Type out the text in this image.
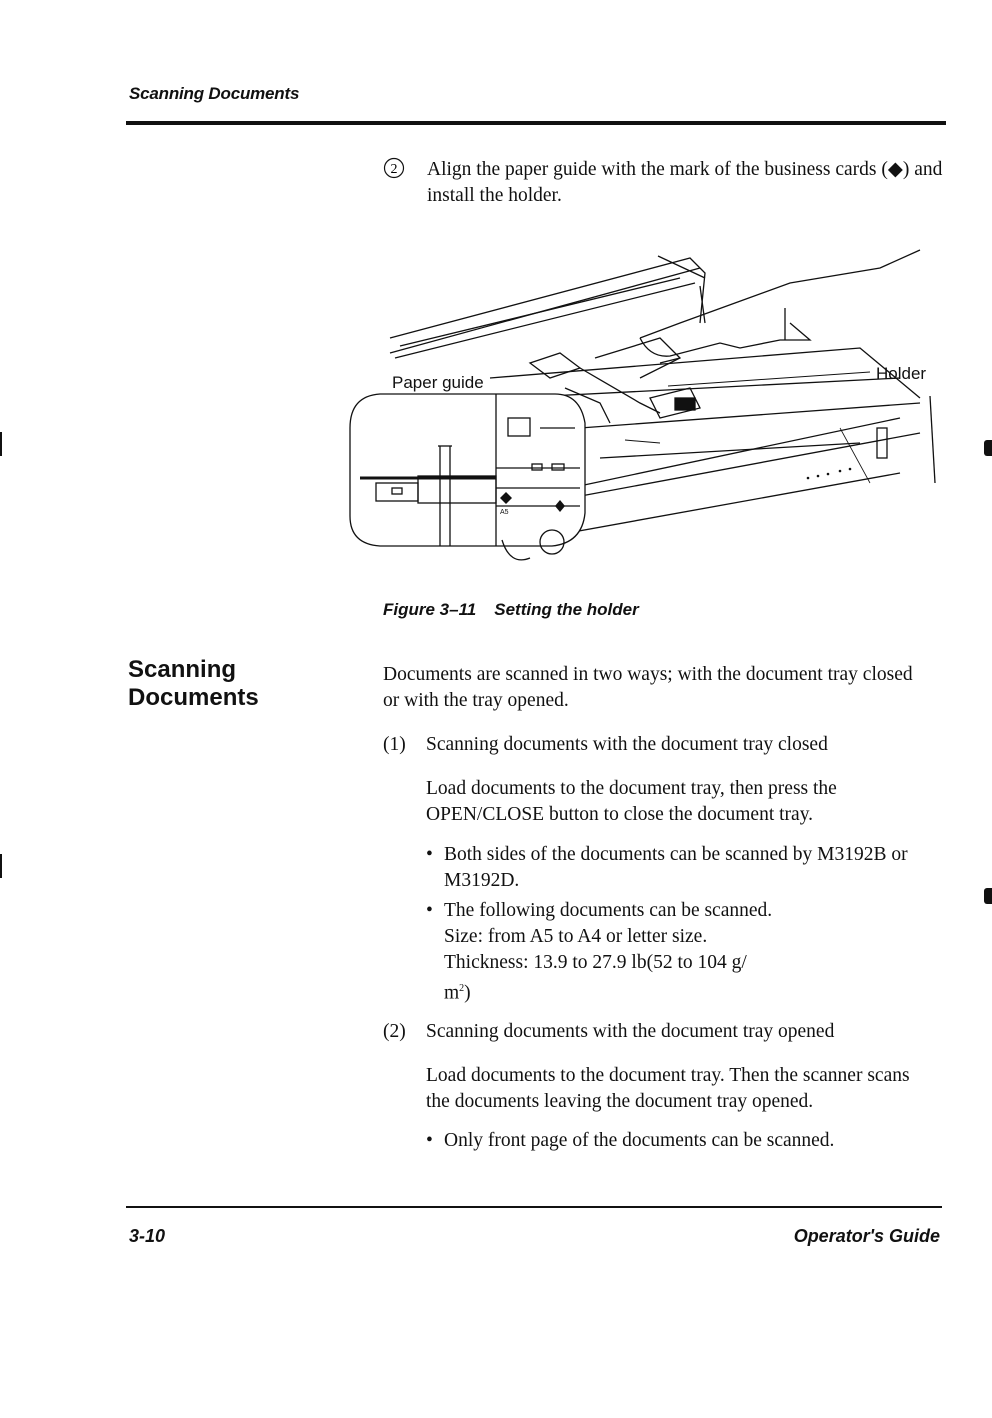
Scanning Documents
2 Align the paper guide with the mark of the business cards (◆) and install the holder.
A5
Paper guide	Holder
Figure 3–11 Setting the holder
Scanning
Documents
Documents are scanned in two ways; with the document tray closed or with the tray opened.
(1) Scanning documents with the document tray closed
Load documents to the document tray, then press the OPEN/CLOSE button to close the document tray.
• Both sides of the documents can be scanned by M3192B or M3192D.
• The following documents can be scanned.
Size: from A5 to A4 or letter size.
Thickness: 13.9 to 27.9 lb(52 to 104 g/
$m^2$)
(2) Scanning documents with the document tray opened
Load documents to the document tray. Then the scanner scans the documents leaving the document tray opened.
• Only front page of the documents can be scanned.
3-10	Operator's Guide
